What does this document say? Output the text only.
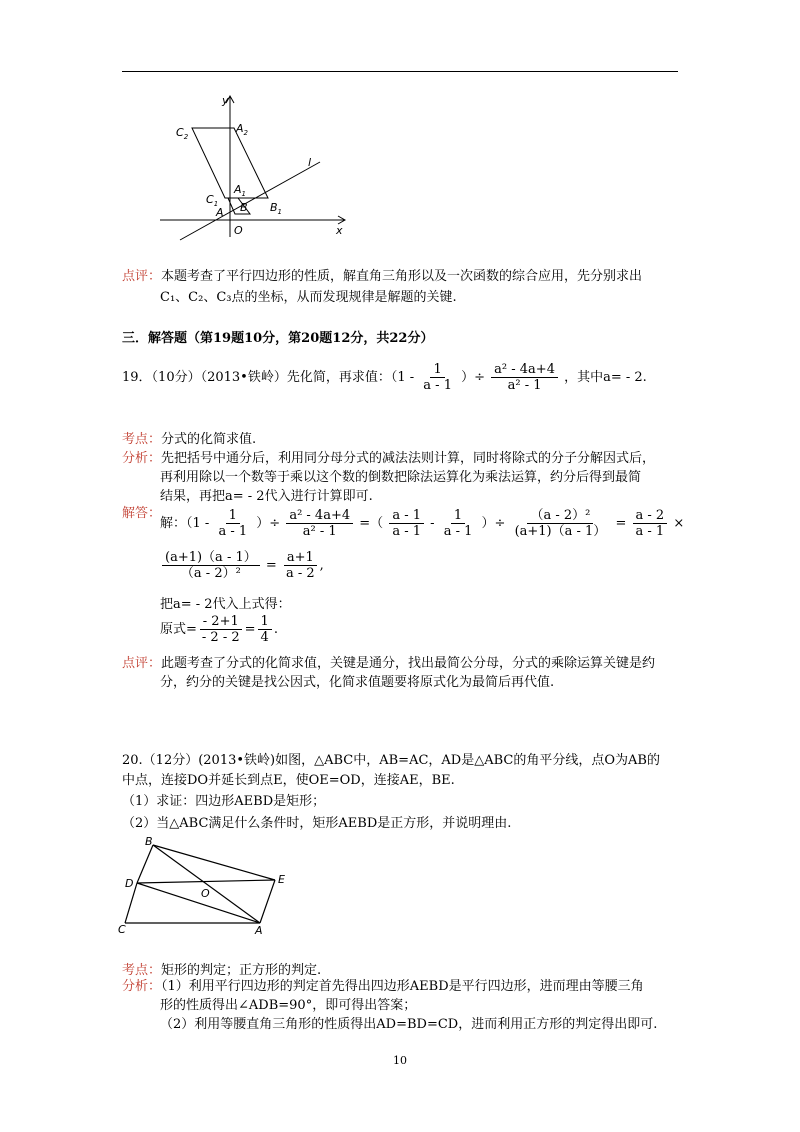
y
x
O
l
$C_2$
$A_2$
$C_1$
$A_1$
A B $B_1$
点评：本题考查了平行四边形的性质，解直角三角形以及一次函数的综合应用，先分别求出
C₁、C₂、C₃点的坐标，从而发现规律是解题的关键.
三．解答题（第19题10分，第20题12分，共22分）
19．（10分）（2013•铁岭）先化简，再求值：（$1 - \frac{1}{a - 1}$ ）÷ $\frac{\text{a² - 4a+4}}{\text{a² - 1}}$ ，其中a= - 2.
考点：分式的化简求值.
分析：先把括号中通分后，利用同分母分式的减法法则计算，同时将除式的分子分解因式后，
再利用除以一个数等于乘以这个数的倒数把除法运算化为乘法运算，约分后得到最简
结果，再把a= - 2代入进行计算即可.
解答：
解：（$1 - \frac{1}{a - 1}$ ）÷ $\frac{\text{a² - 4a+4}}{\text{a² - 1}}$ =（ $\frac{a - 1}{a - 1} - \frac{1}{a - 1}$ ）÷ $\frac{\text{（a - 2）²}}{(a+1)(a - 1)} = \frac{a - 2}{a - 1}$ ×
$\frac{(a+1)(a - 1)}{\text{（a - 2）²}} = \frac{a+1}{a - 2}$ ,
把a= - 2代入上式得：
原式= $\frac{- 2+1}{- 2 - 2} = \frac{1}{4}$ .
点评：此题考查了分式的化简求值，关键是通分，找出最简公分母，分式的乘除运算关键是约
分，约分的关键是找公因式，化简求值题要将原式化为最简后再代值.
20.（12分）(2013•铁岭)如图，△ABC中，AB=AC，AD是△ABC的角平分线，点O为AB的
中点，连接DO并延长到点E，使OE=OD，连接AE，BE.
（1）求证：四边形AEBD是矩形；
（2）当△ABC满足什么条件时，矩形AEBD是正方形，并说明理由.
B
D	E
O
C	A
考点：矩形的判定；正方形的判定.
分析：（1）利用平行四边形的判定首先得出四边形AEBD是平行四边形，进而理由等腰三角
形的性质得出∠ADB=90°，即可得出答案；
（2）利用等腰直角三角形的性质得出AD=BD=CD，进而利用正方形的判定得出即可.
10
